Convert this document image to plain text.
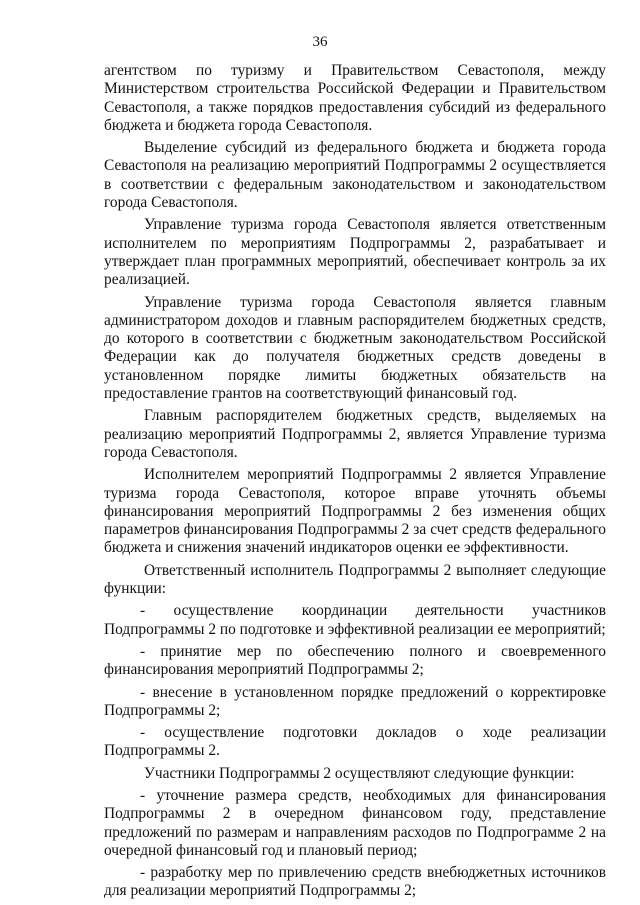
36

агентством по туризму и Правительством Севастополя, между Министерством строительства Российской Федерации и Правительством Севастополя, а также порядков предоставления субсидий из федерального бюджета и бюджета города Севастополя.

Выделение субсидий из федерального бюджета и бюджета города Севастополя на реализацию мероприятий Подпрограммы 2 осуществляется в соответствии с федеральным законодательством и законодательством города Севастополя.

Управление туризма города Севастополя является ответственным исполнителем по мероприятиям Подпрограммы 2, разрабатывает и утверждает план программных мероприятий, обеспечивает контроль за их реализацией.

Управление туризма города Севастополя является главным администратором доходов и главным распорядителем бюджетных средств, до которого в соответствии с бюджетным законодательством Российской Федерации как до получателя бюджетных средств доведены в установленном порядке лимиты бюджетных обязательств на предоставление грантов на соответствующий финансовый год.

Главным распорядителем бюджетных средств, выделяемых на реализацию мероприятий Подпрограммы 2, является Управление туризма города Севастополя.

Исполнителем мероприятий Подпрограммы 2 является Управление туризма города Севастополя, которое вправе уточнять объемы финансирования мероприятий Подпрограммы 2 без изменения общих параметров финансирования Подпрограммы 2 за счет средств федерального бюджета и снижения значений индикаторов оценки ее эффективности.

Ответственный исполнитель Подпрограммы 2 выполняет следующие функции:

- осуществление координации деятельности участников Подпрограммы 2 по подготовке и эффективной реализации ее мероприятий;

- принятие мер по обеспечению полного и своевременного финансирования мероприятий Подпрограммы 2;

- внесение в установленном порядке предложений о корректировке Подпрограммы 2;

- осуществление подготовки докладов о ходе реализации Подпрограммы 2.

Участники Подпрограммы 2 осуществляют следующие функции:

- уточнение размера средств, необходимых для финансирования Подпрограммы 2 в очередном финансовом году, представление предложений по размерам и направлениям расходов по Подпрограмме 2 на очередной финансовый год и плановый период;

- разработку мер по привлечению средств внебюджетных источников для реализации мероприятий Подпрограммы 2;
